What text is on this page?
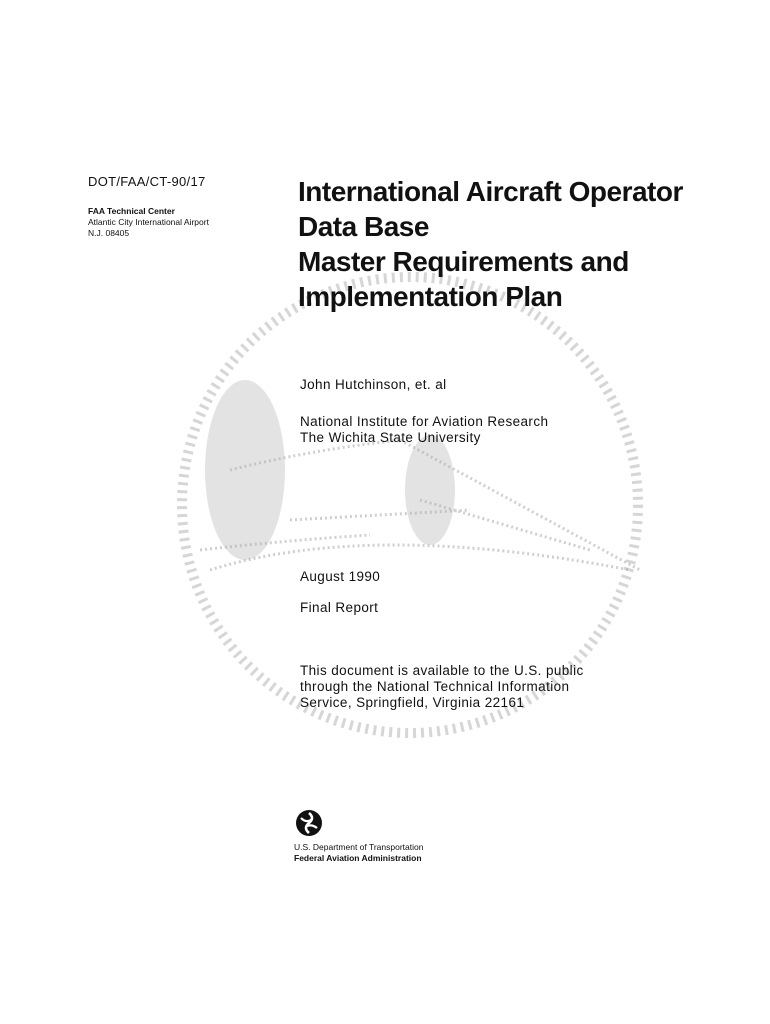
DOT/FAA/CT-90/17
FAA Technical Center
Atlantic City International Airport
N.J. 08405
International Aircraft Operator
Data Base
Master Requirements and
Implementation Plan
John Hutchinson, et. al
National Institute for Aviation Research
The Wichita State University
August 1990
Final Report
This document is available to the U.S. public
through the National Technical Information
Service, Springfield, Virginia 22161
U.S. Department of Transportation
Federal Aviation Administration
